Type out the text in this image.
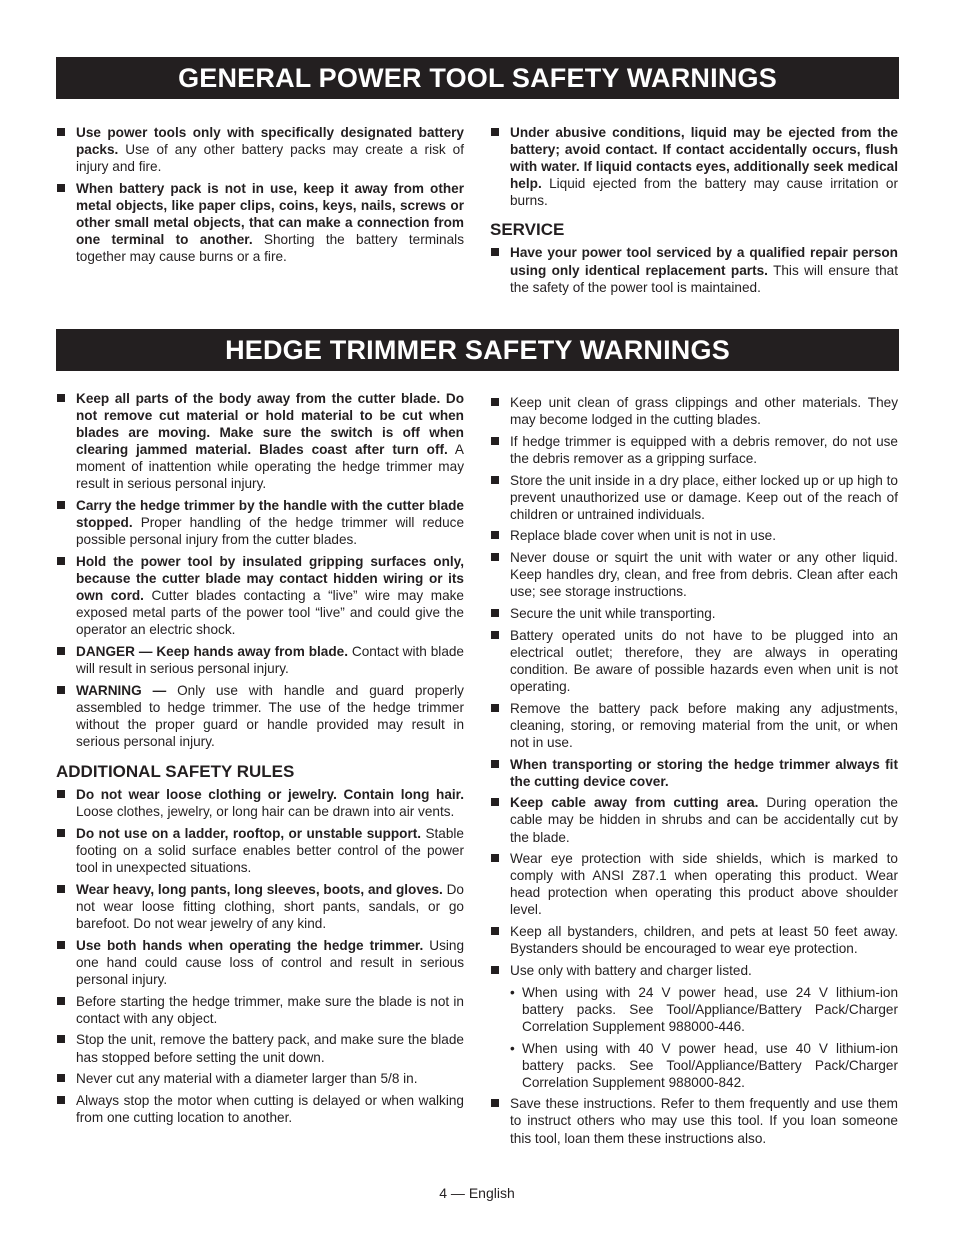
GENERAL POWER TOOL SAFETY WARNINGS
Use power tools only with specifically designated battery packs. Use of any other battery packs may create a risk of injury and fire.
When battery pack is not in use, keep it away from other metal objects, like paper clips, coins, keys, nails, screws or other small metal objects, that can make a connection from one terminal to another. Shorting the battery terminals together may cause burns or a fire.
Under abusive conditions, liquid may be ejected from the battery; avoid contact. If contact accidentally occurs, flush with water. If liquid contacts eyes, additionally seek medical help. Liquid ejected from the battery may cause irritation or burns.
SERVICE
Have your power tool serviced by a qualified repair person using only identical replacement parts. This will ensure that the safety of the power tool is maintained.
HEDGE TRIMMER SAFETY WARNINGS
Keep all parts of the body away from the cutter blade. Do not remove cut material or hold material to be cut when blades are moving. Make sure the switch is off when clearing jammed material. Blades coast after turn off. A moment of inattention while operating the hedge trimmer may result in serious personal injury.
Carry the hedge trimmer by the handle with the cutter blade stopped. Proper handling of the hedge trimmer will reduce possible personal injury from the cutter blades.
Hold the power tool by insulated gripping surfaces only, because the cutter blade may contact hidden wiring or its own cord. Cutter blades contacting a “live” wire may make exposed metal parts of the power tool “live” and could give the operator an electric shock.
DANGER — Keep hands away from blade. Contact with blade will result in serious personal injury.
WARNING — Only use with handle and guard properly assembled to hedge trimmer. The use of the hedge trimmer without the proper guard or handle provided may result in serious personal injury.
ADDITIONAL SAFETY RULES
Do not wear loose clothing or jewelry. Contain long hair. Loose clothes, jewelry, or long hair can be drawn into air vents.
Do not use on a ladder, rooftop, or unstable support. Stable footing on a solid surface enables better control of the power tool in unexpected situations.
Wear heavy, long pants, long sleeves, boots, and gloves. Do not wear loose fitting clothing, short pants, sandals, or go barefoot. Do not wear jewelry of any kind.
Use both hands when operating the hedge trimmer. Using one hand could cause loss of control and result in serious personal injury.
Before starting the hedge trimmer, make sure the blade is not in contact with any object.
Stop the unit, remove the battery pack, and make sure the blade has stopped before setting the unit down.
Never cut any material with a diameter larger than 5/8 in.
Always stop the motor when cutting is delayed or when walking from one cutting location to another.
Keep unit clean of grass clippings and other materials. They may become lodged in the cutting blades.
If hedge trimmer is equipped with a debris remover, do not use the debris remover as a gripping surface.
Store the unit inside in a dry place, either locked up or up high to prevent unauthorized use or damage. Keep out of the reach of children or untrained individuals.
Replace blade cover when unit is not in use.
Never douse or squirt the unit with water or any other liquid. Keep handles dry, clean, and free from debris. Clean after each use; see storage instructions.
Secure the unit while transporting.
Battery operated units do not have to be plugged into an electrical outlet; therefore, they are always in operating condition. Be aware of possible hazards even when unit is not operating.
Remove the battery pack before making any adjustments, cleaning, storing, or removing material from the unit, or when not in use.
When transporting or storing the hedge trimmer always fit the cutting device cover.
Keep cable away from cutting area. During operation the cable may be hidden in shrubs and can be accidentally cut by the blade.
Wear eye protection with side shields, which is marked to comply with ANSI Z87.1 when operating this product. Wear head protection when operating this product above shoulder level.
Keep all bystanders, children, and pets at least 50 feet away. Bystanders should be encouraged to wear eye protection.
Use only with battery and charger listed.
• When using with 24 V power head, use 24 V lithium-ion battery packs. See Tool/Appliance/Battery Pack/Charger Correlation Supplement 988000-446.
• When using with 40 V power head, use 40 V lithium-ion battery packs. See Tool/Appliance/Battery Pack/Charger Correlation Supplement 988000-842.
Save these instructions. Refer to them frequently and use them to instruct others who may use this tool. If you loan someone this tool, loan them these instructions also.
4 — English
